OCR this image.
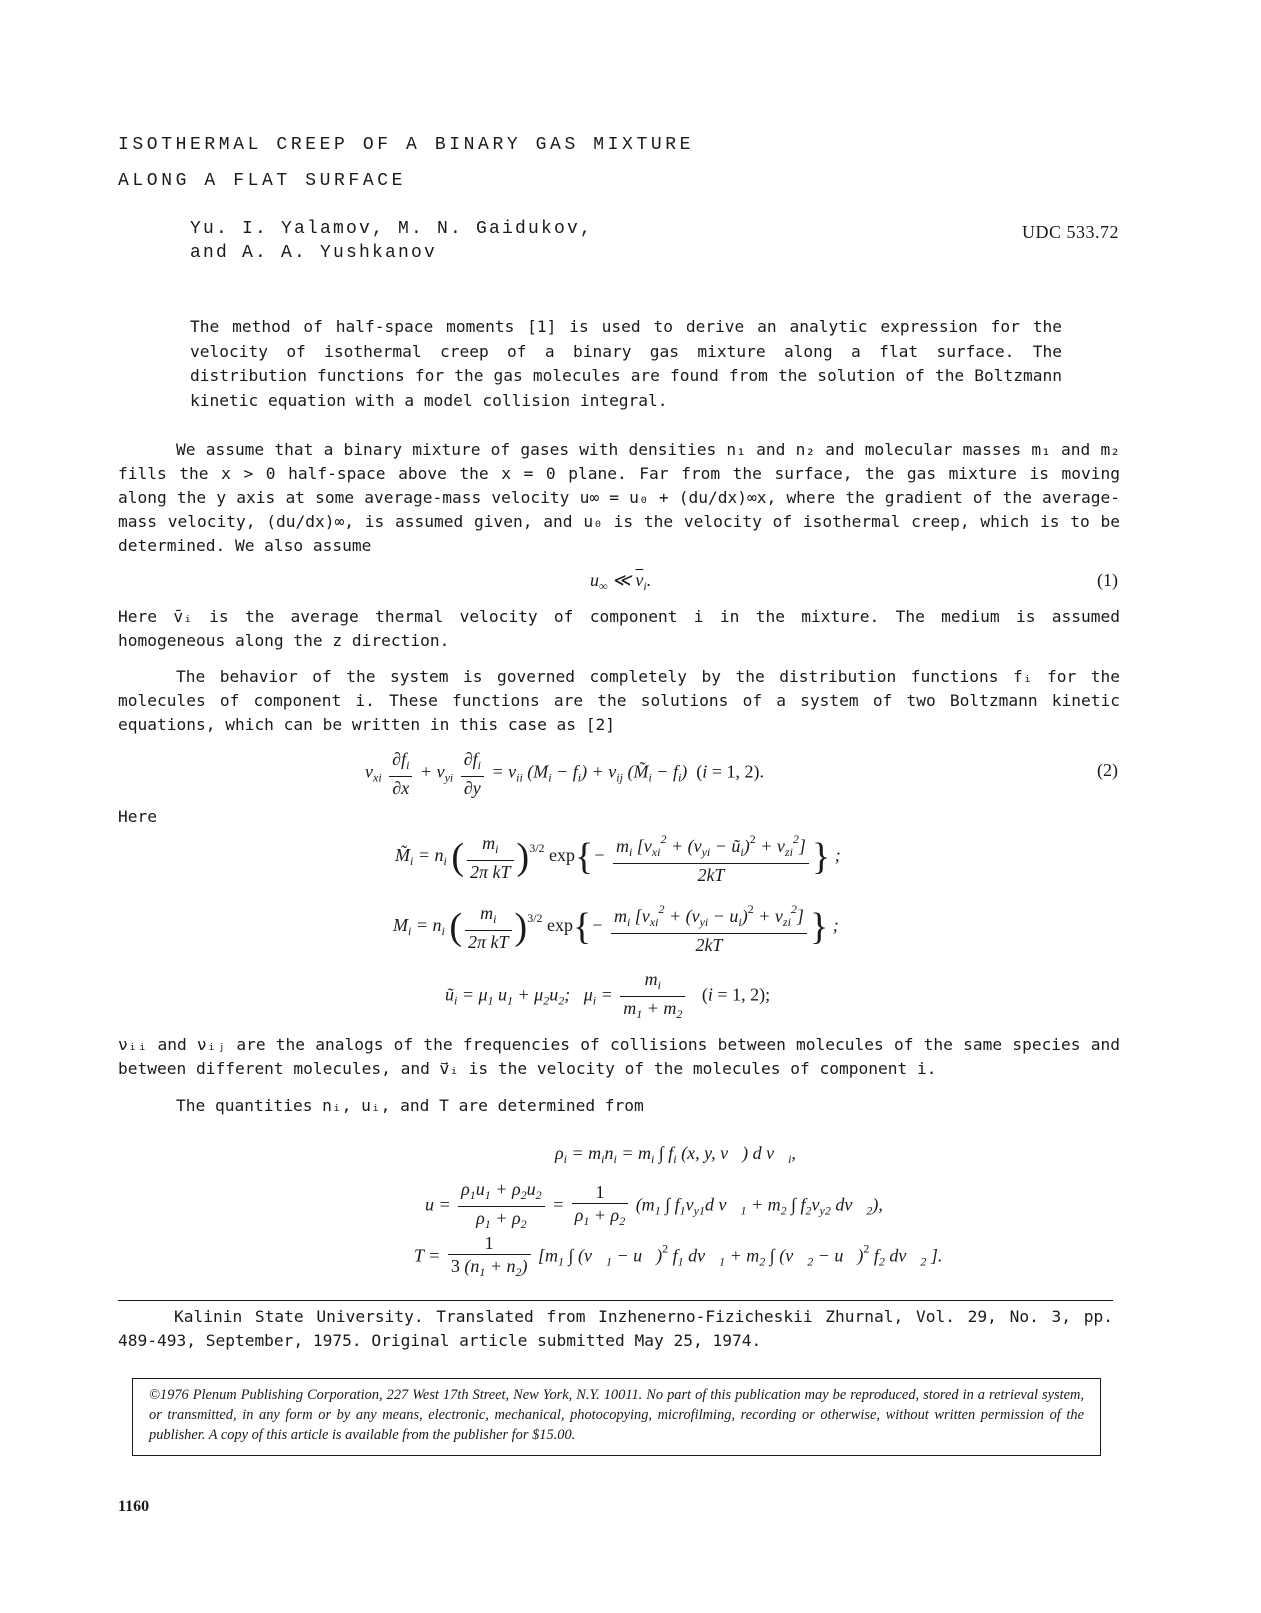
ISOTHERMAL CREEP OF A BINARY GAS MIXTURE
ALONG A FLAT SURFACE
Yu. I. Yalamov, M. N. Gaidukov,
and A. A. Yushkanov
UDC 533.72
The method of half-space moments [1] is used to derive an analytic expression for the velocity of isothermal creep of a binary gas mixture along a flat surface. The distribution functions for the gas molecules are found from the solution of the Boltzmann kinetic equation with a model collision integral.
We assume that a binary mixture of gases with densities n₁ and n₂ and molecular masses m₁ and m₂ fills the x > 0 half-space above the x = 0 plane. Far from the surface, the gas mixture is moving along the y axis at some average-mass velocity u∞ = u₀ + (du/dx)∞x, where the gradient of the average-mass velocity, (du/dx)∞, is assumed given, and u₀ is the velocity of isothermal creep, which is to be determined. We also assume
$u_\infty$ ≪ $\overline{v}_i$.	(1)
Here v̄ᵢ is the average thermal velocity of component i in the mixture. The medium is assumed homogeneous along the z direction.
The behavior of the system is governed completely by the distribution functions fᵢ for the molecules of component i. These functions are the solutions of a system of two Boltzmann kinetic equations, which can be written in this case as [2]
$v_{xi} \frac{\partial f_i}{\partial x} + v_{yi} \frac{\partial f_i}{\partial y} = \nu_{ii}$ $(M_i - f_i) + \nu_{ij}$ $(M̃_i - f_i) (i = 1$, 2).	(2)
Here
$M̃_i = n_i$ ( $\frac{m_i}{\text{2π kT}} )^{3/2}$ $\exp\{- \frac{m_i [v_{xi}^2 + (v_{yi} - ũ_i)^2 + v_{zi}^2]}{2kT}$ } ;
$M_i = n_i$ ( $\frac{m_i}{\text{2π kT}} )^{3/2}$ $\exp\{- \frac{m_i [v_{xi}^2 + (v_{yi} - u_i)^2 + v_{zi}^2]}{2kT}$ } ;
$ũ_i = \mu_1$ $u_1 + \mu_2u_2$;   $\mu_i = \frac{m_i}{m_1 + m_2} (i = 1$, 2);
νᵢᵢ and νᵢⱼ are the analogs of the frequencies of collisions between molecules of the same species and between different molecules, and v⃗ᵢ is the velocity of the molecules of component i.
The quantities nᵢ, uᵢ, and T are determined from
$\rho_i = m_in_i = m_i$ ∫ $f_i$ (x, y, v⃗) d $v⃗_i$,
$u = \frac{\rho_1u_1 + \rho_2u_2}{\rho_1 + \rho_2} = \frac{1}{\rho_1 + \rho_2} (m_1$ ∫ $f_1v_{y1}d$ $v⃗_1 + m_2$ ∫ $f_2v_{y2}$ $dv⃗_2$),
$T = \frac{1}{3 (n_1 + n_2)} [m_1$ ∫ ($v⃗_1$ − u⃗)$^2$ $f_1$ $dv⃗_1 + m_2$ ∫ ($v⃗_2$ − u⃗)$^2$ $f_2$ $dv⃗_2$ ].
Kalinin State University. Translated from Inzhenerno-Fizicheskii Zhurnal, Vol. 29, No. 3, pp. 489-493, September, 1975. Original article submitted May 25, 1974.
©1976 Plenum Publishing Corporation, 227 West 17th Street, New York, N.Y. 10011. No part of this publication may be reproduced, stored in a retrieval system, or transmitted, in any form or by any means, electronic, mechanical, photocopying, microfilming, recording or otherwise, without written permission of the publisher. A copy of this article is available from the publisher for $15.00.
1160
